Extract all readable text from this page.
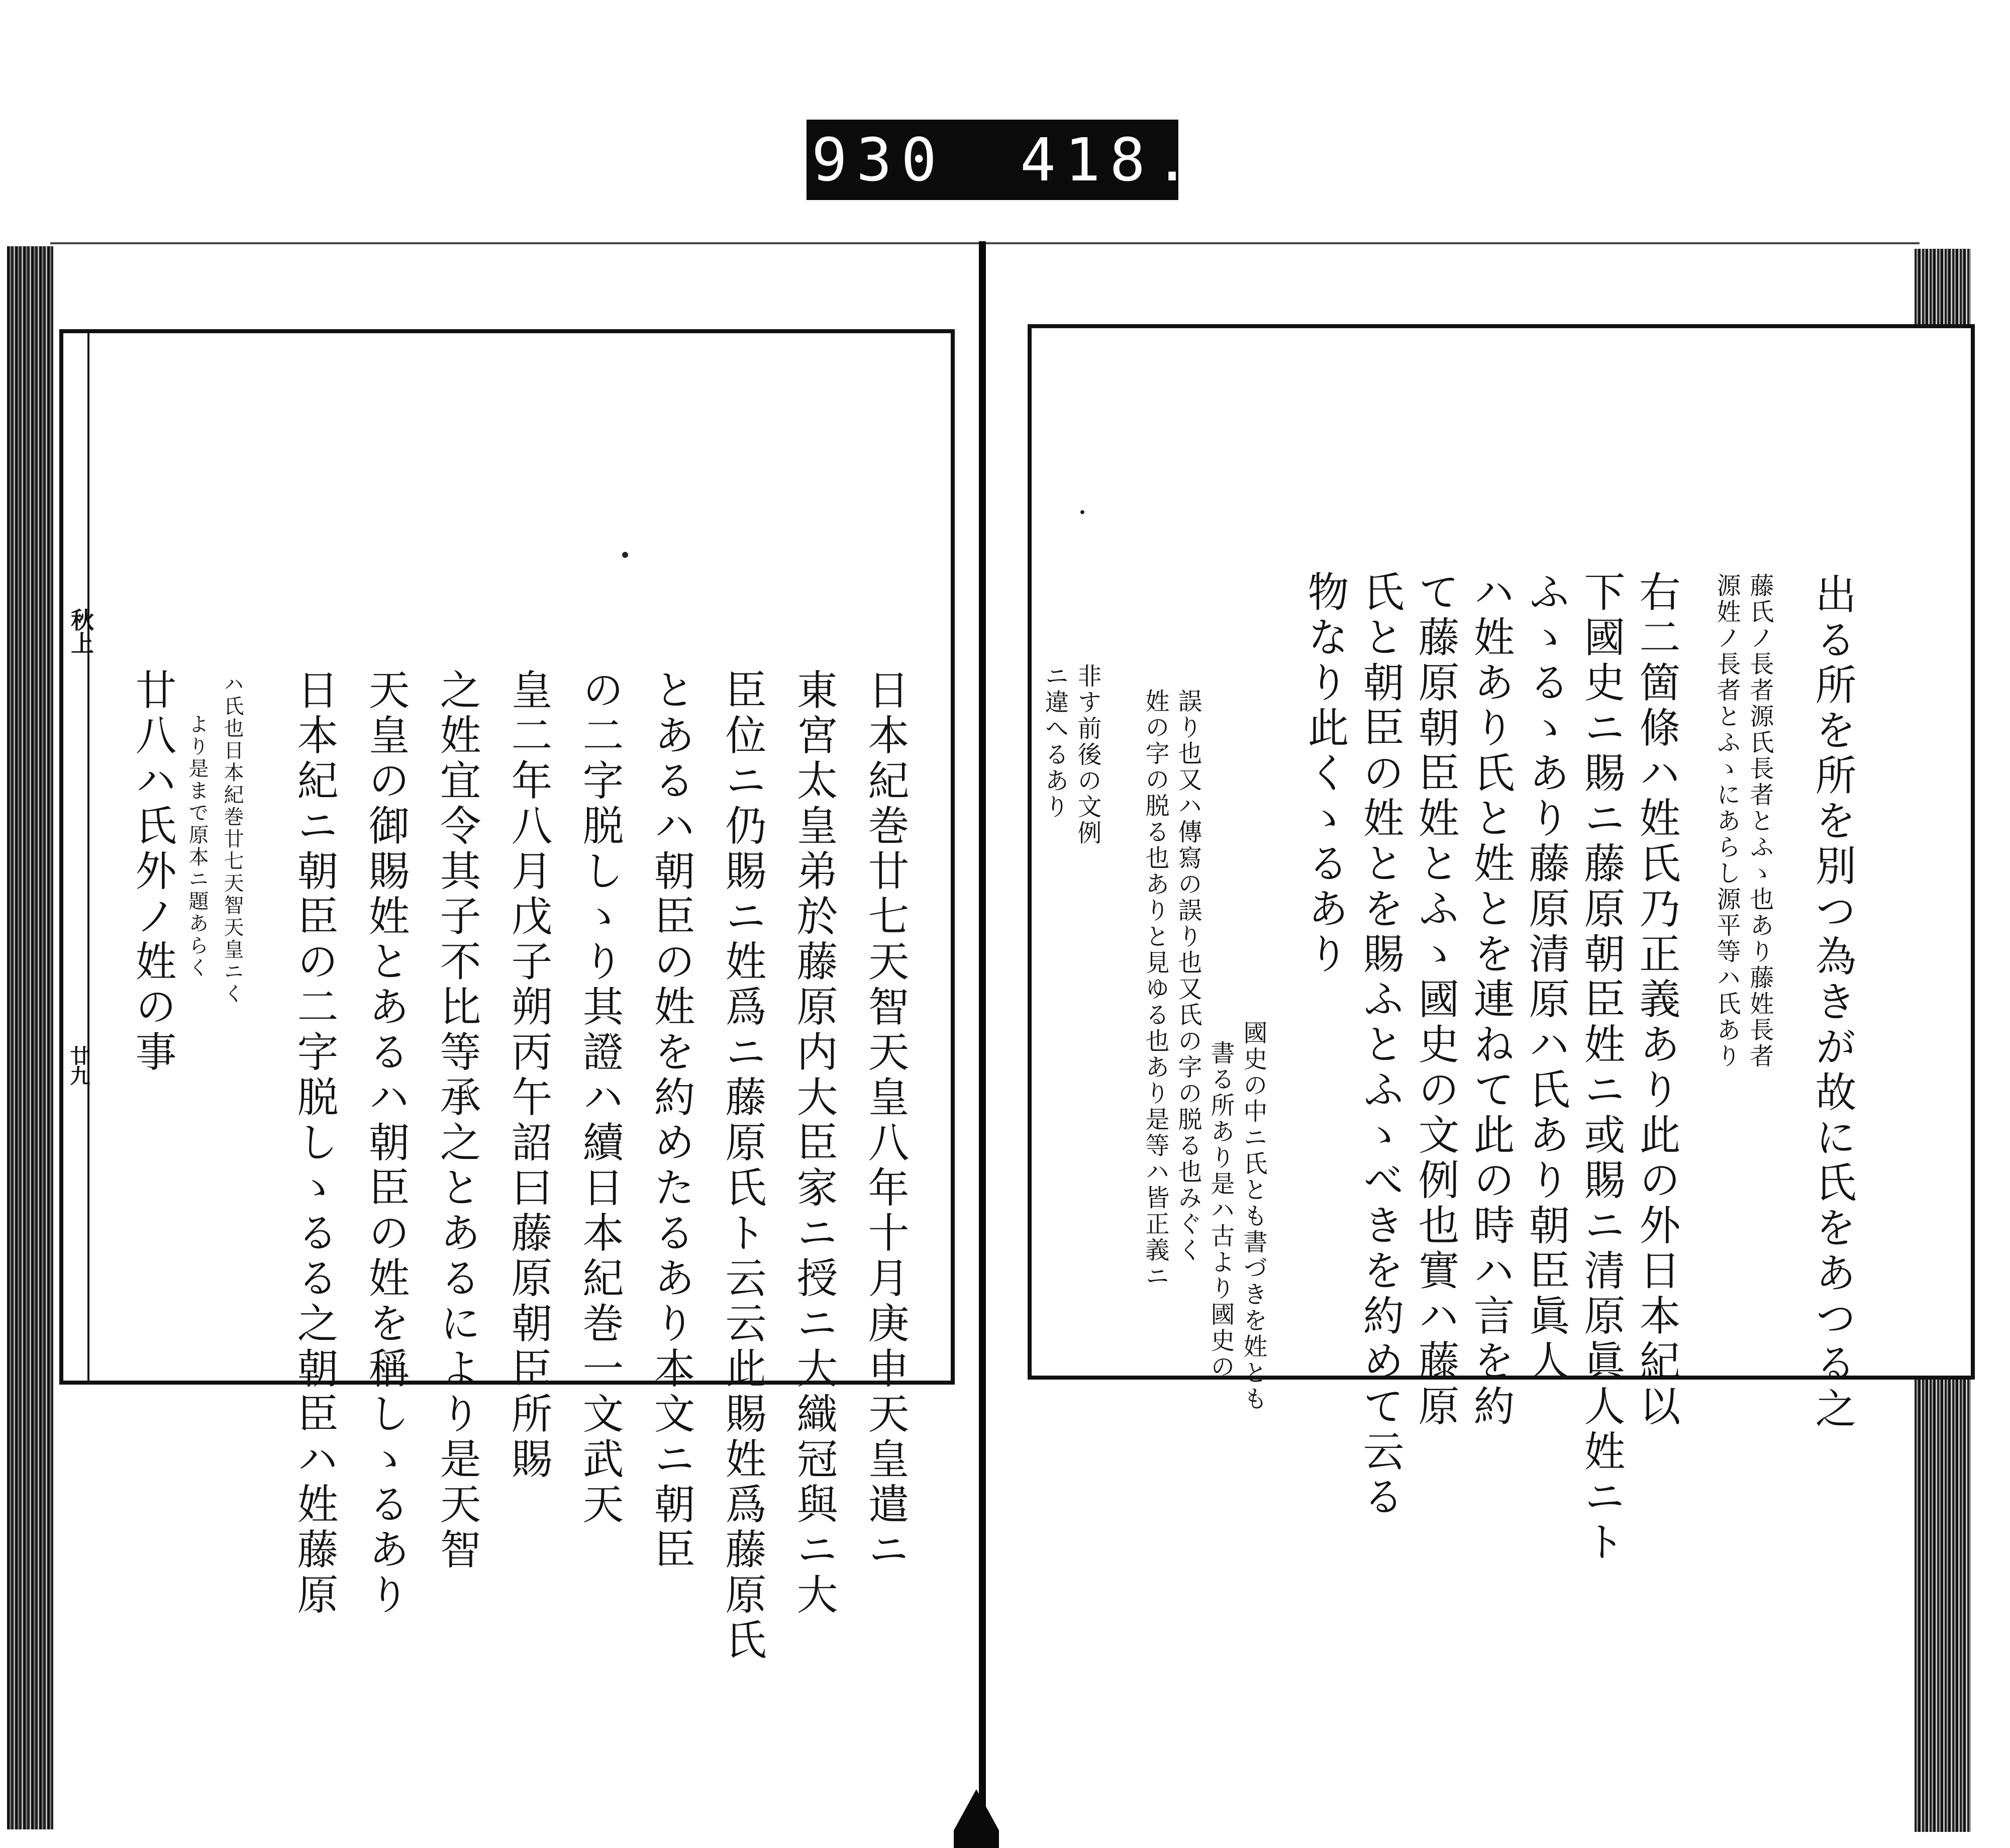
930 418.
秋上
廿九	出る所を所を別つ為きが故に氏をあつる之
藤氏ノ長者源氏長者とふゝ也あり藤姓長者
源姓ノ長者とふゝにあらし源平等ハ氏あり
右二箇條ハ姓氏乃正義あり此の外日本紀以
下國史ニ賜ニ藤原朝臣姓ニ或賜ニ清原眞人姓ニト
ふゝるゝあり藤原清原ハ氏あり朝臣眞人
ハ姓あり氏と姓とを連ねて此の時ハ言を約
て藤原朝臣姓とふゝ國史の文例也實ハ藤原
氏と朝臣の姓とを賜ふとふゝべきを約めて云る
物なり此くゝるあり
國史の中ニ氏とも書づきを姓とも
書る所あり是ハ古より國史の
誤り也又ハ傳寫の誤り也又氏の字の脱る也みぐく
姓の字の脱る也ありと見ゆる也あり是等ハ皆正義ニ
非す前後の文例
ニ違へるあり
日本紀巻廿七天智天皇八年十月庚申天皇遣ニ
東宮太皇弟於藤原内大臣家ニ授ニ大織冠與ニ大
臣位ニ仍賜ニ姓爲ニ藤原氏ト云云此賜姓爲藤原氏
とあるハ朝臣の姓を約めたるあり本文ニ朝臣
の二字脱しゝり其證ハ續日本紀巻一文武天
皇二年八月戊子朔丙午詔曰藤原朝臣所賜
之姓宜令其子不比等承之とあるにより是天智
天皇の御賜姓とあるハ朝臣の姓を稱しゝるあり
日本紀ニ朝臣の二字脱しゝるる之朝臣ハ姓藤原
ハ氏也日本紀巻廿七天智天皇ニく
より是まで原本ニ題あらく
廿八ハ氏外ノ姓の事
